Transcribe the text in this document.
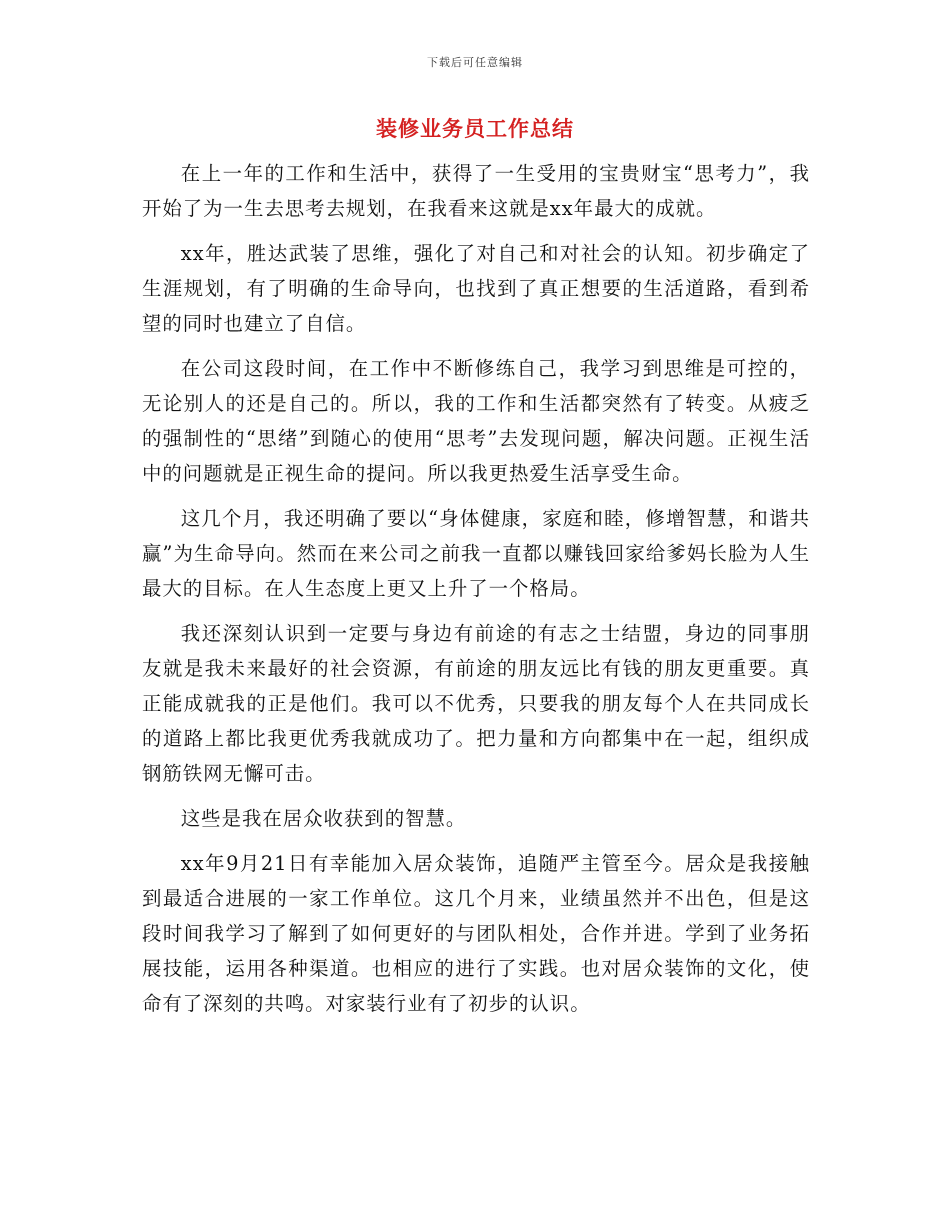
下载后可任意编辑
装修业务员工作总结

在上一年的工作和生活中，获得了一生受用的宝贵财宝“思考力”，我开始了为一生去思考去规划，在我看来这就是xx年最大的成就。

xx年，胜达武装了思维，强化了对自己和对社会的认知。初步确定了生涯规划，有了明确的生命导向，也找到了真正想要的生活道路，看到希望的同时也建立了自信。

在公司这段时间，在工作中不断修练自己，我学习到思维是可控的，无论别人的还是自己的。所以，我的工作和生活都突然有了转变。从疲乏的强制性的“思绪”到随心的使用“思考”去发现问题，解决问题。正视生活中的问题就是正视生命的提问。所以我更热爱生活享受生命。

这几个月，我还明确了要以“身体健康，家庭和睦，修增智慧，和谐共赢”为生命导向。然而在来公司之前我一直都以赚钱回家给爹妈长脸为人生最大的目标。在人生态度上更又上升了一个格局。

我还深刻认识到一定要与身边有前途的有志之士结盟，身边的同事朋友就是我未来最好的社会资源，有前途的朋友远比有钱的朋友更重要。真正能成就我的正是他们。我可以不优秀，只要我的朋友每个人在共同成长的道路上都比我更优秀我就成功了。把力量和方向都集中在一起，组织成钢筋铁网无懈可击。

这些是我在居众收获到的智慧。

xx年9月21日有幸能加入居众装饰，追随严主管至今。居众是我接触到最适合进展的一家工作单位。这几个月来，业绩虽然并不出色，但是这段时间我学习了解到了如何更好的与团队相处，合作并进。学到了业务拓展技能，运用各种渠道。也相应的进行了实践。也对居众装饰的文化，使命有了深刻的共鸣。对家装行业有了初步的认识。
